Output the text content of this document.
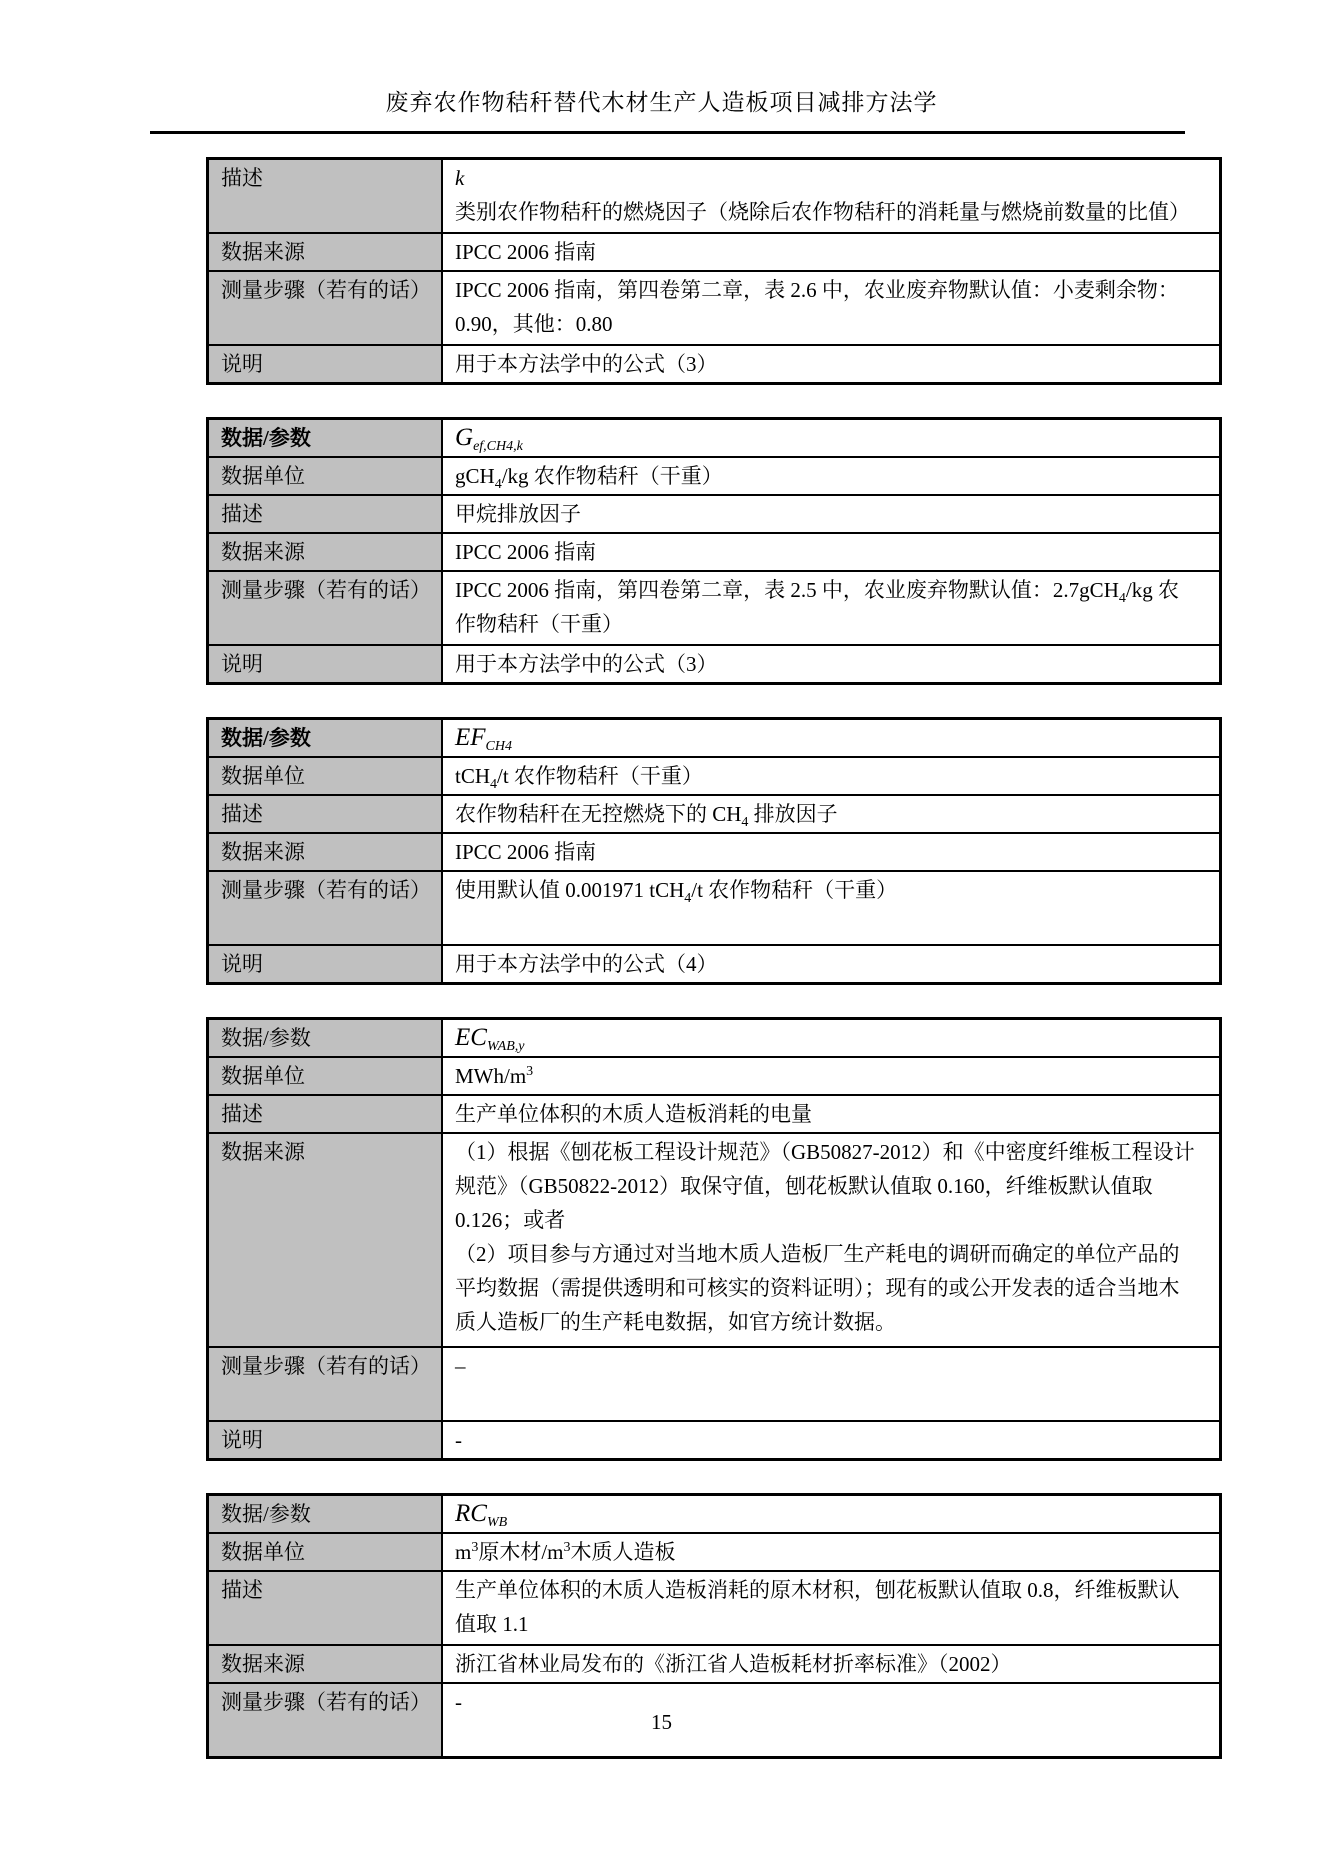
废弃农作物秸秆替代木材生产人造板项目减排方法学
描述	k 类别农作物秸秆的燃烧因子（烧除后农作物秸秆的消耗量与燃烧前数量的比值）
数据来源	IPCC 2006 指南
测量步骤（若有的话）	IPCC 2006 指南，第四卷第二章，表 2.6 中，农业废弃物默认值：小麦剩余物：0.90，其他：0.80
说明	用于本方法学中的公式（3）
数据/参数	$G_{ef,CH4,k}$
数据单位	gCH$_4$/kg 农作物秸秆（干重）
描述	甲烷排放因子
数据来源	IPCC 2006 指南
测量步骤（若有的话）	IPCC 2006 指南，第四卷第二章，表 2.5 中，农业废弃物默认值：2.7gCH$_4$/kg 农作物秸秆（干重）
说明	用于本方法学中的公式（3）
数据/参数	$EF_{CH4}$
数据单位	tCH$_4$/t 农作物秸秆（干重）
描述	农作物秸秆在无控燃烧下的 $CH_4$ 排放因子
数据来源	IPCC 2006 指南
测量步骤（若有的话）	使用默认值 0.001971 tCH$_4$/t 农作物秸秆（干重）
说明	用于本方法学中的公式（4）
数据/参数	$EC_{WAB,y}$
数据单位	MWh/$m^3$
描述	生产单位体积的木质人造板消耗的电量
数据来源	（1）根据《刨花板工程设计规范》（GB50827-2012）和《中密度纤维板工程设计规范》（GB50822-2012）取保守值，刨花板默认值取 0.160，纤维板默认值取 0.126；或者
（2）项目参与方通过对当地木质人造板厂生产耗电的调研而确定的单位产品的平均数据（需提供透明和可核实的资料证明）；现有的或公开发表的适合当地木质人造板厂的生产耗电数据，如官方统计数据。

测量步骤（若有的话）	–
说明	-
数据/参数	$RC_{WB}$
数据单位	$m^3$原木材$/m^3$木质人造板
描述	生产单位体积的木质人造板消耗的原木材积，刨花板默认值取 0.8，纤维板默认值取 1.1
数据来源	浙江省林业局发布的《浙江省人造板耗材折率标准》（2002）
测量步骤（若有的话）	-
15
